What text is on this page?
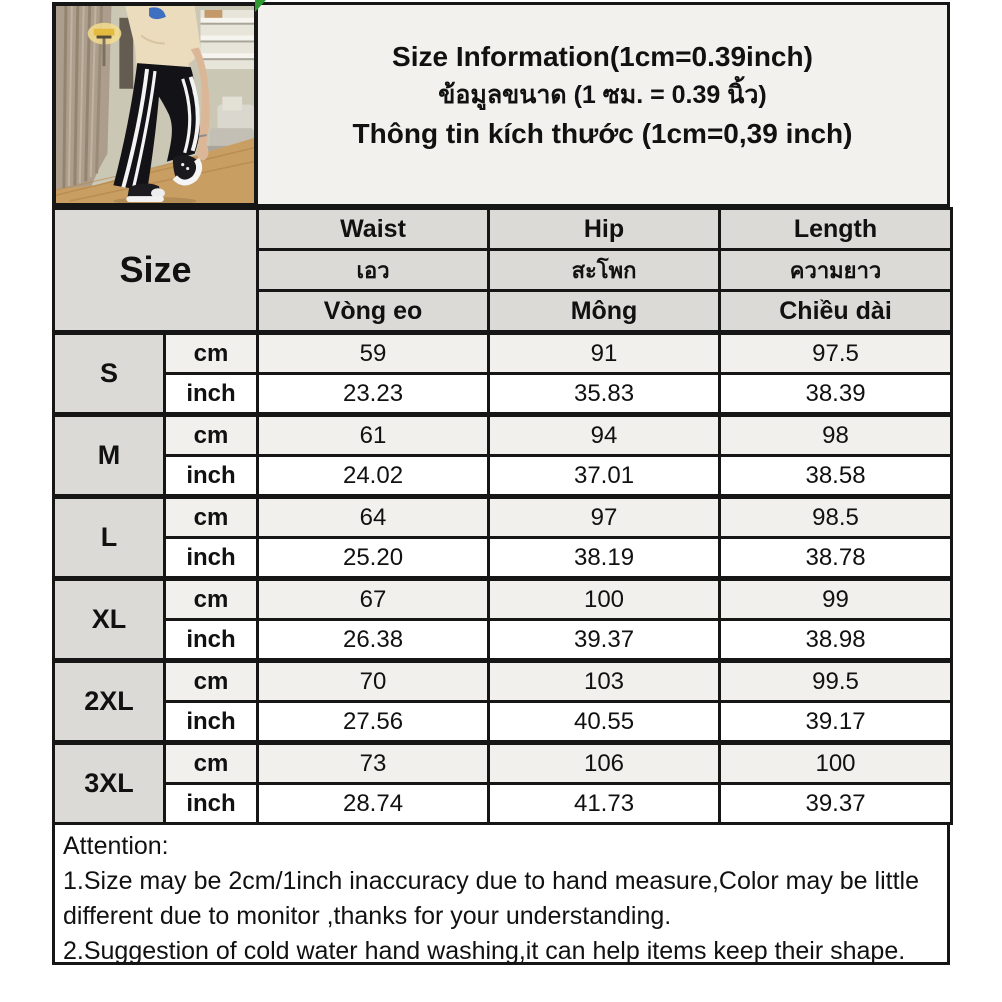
Size Information(1cm=0.39inch)
ข้อมูลขนาด (1 ซม. = 0.39 นิ้ว)
Thông tin kích thước (1cm=0,39 inch)
Size		Waist	Hip	Length
		เอว	สะโพก	ความยาว
		Vòng eo	Mông	Chiều dài
S	cm	59	91	97.5
	inch	23.23	35.83	38.39
M	cm	61	94	98
	inch	24.02	37.01	38.58
L	cm	64	97	98.5
	inch	25.20	38.19	38.78
XL	cm	67	100	99
	inch	26.38	39.37	38.98
2XL	cm	70	103	99.5
	inch	27.56	40.55	39.17
3XL	cm	73	106	100
	inch	28.74	41.73	39.37
Attention:
1.Size may be 2cm/1inch inaccuracy due to hand measure,Color may be little different due to monitor ,thanks for your understanding.
2.Suggestion of cold water hand washing,it can help items keep their shape.
